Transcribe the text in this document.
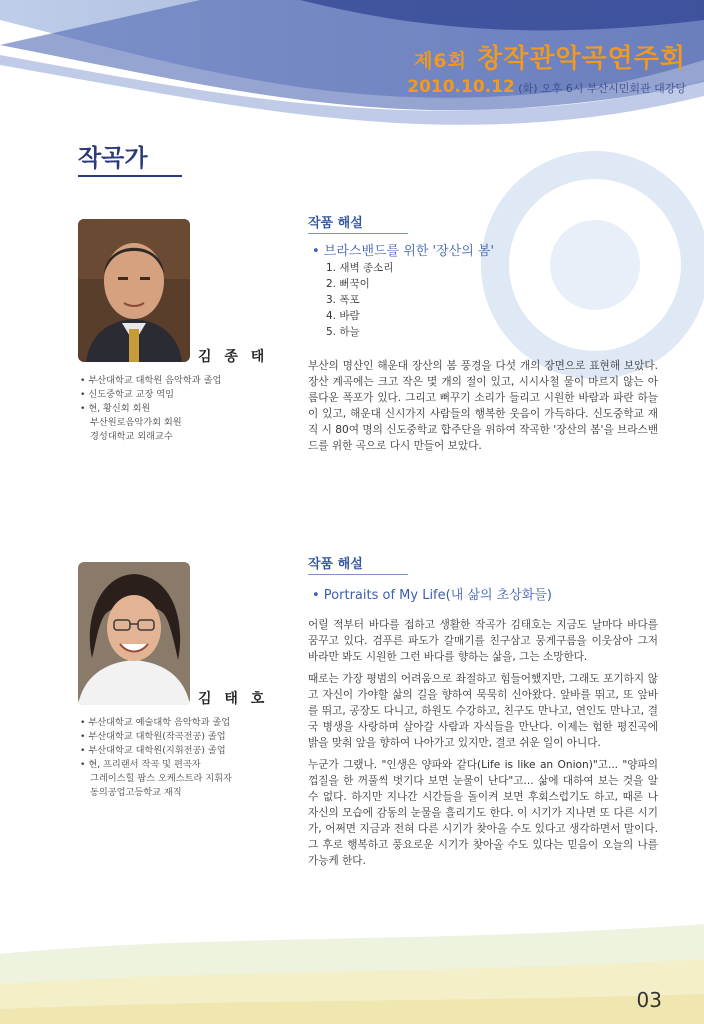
제6회 창작관악곡연주회
2010.10.12 (화) 오후 6시 부산시민회관 대강당
작곡가
김 종 태
• 부산대학교 대학원 음악학과 졸업
• 신도중학교 교장 역임
• 현, 황신회 회원
부산원로음악가회 회원
경성대학교 외래교수
작품 해설
• 브라스밴드를 위한 '장산의 봄'
1. 새벽 종소리
2. 뻐꾹이
3. 폭포
4. 바람
5. 하늘

부산의 명산인 해운대 장산의 봄 풍경을 다섯 개의 장면으로 표현해 보았다. 장산 계곡에는 크고 작은 몇 개의 절이 있고, 시시사철 물이 마르지 않는 아름다운 폭포가 있다. 그리고 뻐꾸기 소리가 들리고 시원한 바람과 파란 하늘이 있고, 해운대 신시가지 사람들의 행복한 웃음이 가득하다. 신도중학교 재직 시 80여 명의 신도중학교 합주단을 위하여 작곡한 '장산의 봄'을 브라스밴드를 위한 곡으로 다시 만들어 보았다.

김 태 호
• 부산대학교 예술대학 음악학과 졸업
• 부산대학교 대학원(작곡전공) 졸업
• 부산대학교 대학원(지휘전공) 졸업
• 현, 프리랜서 작곡 및 편곡자
그레이스힐 팝스 오케스트라 지휘자
동의공업고등학교 재직
작품 해설
• Portraits of My Life(내 삶의 초상화들)

어릴 적부터 바다를 접하고 생활한 작곡가 김태호는 지금도 날마다 바다를 꿈꾸고 있다. 검푸른 파도가 갈매기를 친구삼고 뭉게구름을 이웃삼아 그저 바라만 봐도 시원한 그런 바다를 향하는 삶을, 그는 소망한다.

때로는 가장 평범의 어려움으로 좌절하고 힘들어했지만, 그래도 포기하지 않고 자신이 가야할 삶의 길을 향하여 묵묵히 신아왔다. 앞바를 뛰고, 또 앞바를 뛰고, 공장도 다니고, 하원도 수강하고, 친구도 만나고, 연인도 만나고, 결국 병생을 사랑하며 살아갈 사람과 자식들을 만난다. 이제는 험한 평진곡에 밝을 맞춰 앞을 향하여 나아가고 있지만, 결코 쉬운 일이 아니다.

누군가 그랬나. "인생은 양파와 같다(Life is like an Onion)"고... "양파의 껍질을 한 꺼풀씩 벗기다 보면 눈물이 난다"고... 삶에 대하여 보는 것을 알 수 없다. 하지만 지나간 시간들을 돌이켜 보면 후회스럽기도 하고, 때론 나 자신의 모습에 감동의 눈물을 흘리기도 한다. 이 시기가 지나면 또 다른 시기가, 어쩌면 지금과 전혀 다른 시기가 찾아올 수도 있다고 생각하면서 말이다. 그 후로 행복하고 풍요로운 시기가 찾아올 수도 있다는 믿음이 오늘의 나를 가능케 한다.

03
